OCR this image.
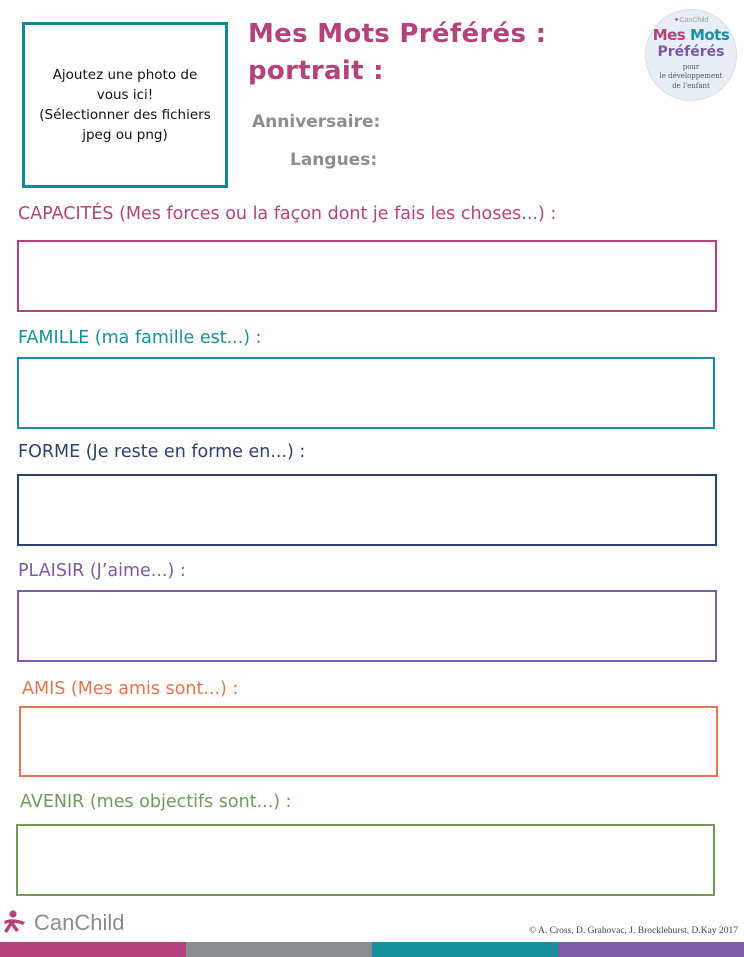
Ajoutez une photo de
vous ici!
(Sélectionner des fichiers
jpeg ou png)
Mes Mots Préférés :
portrait :
Anniversaire:
Langues:
✦CanChild
Mes Mots
Préférés
pour
le développement
de l'enfant
CAPACITÉS (Mes forces ou la façon dont je fais les choses...) :
FAMILLE (ma famille est...) :
FORME (Je reste en forme en...) :
PLAISIR (J’aime...) :
AMIS (Mes amis sont...) :
AVENIR (mes objectifs sont...) :
CanChild	© A. Cross, D. Grahovac, J. Brocklehurst, D.Kay 2017
